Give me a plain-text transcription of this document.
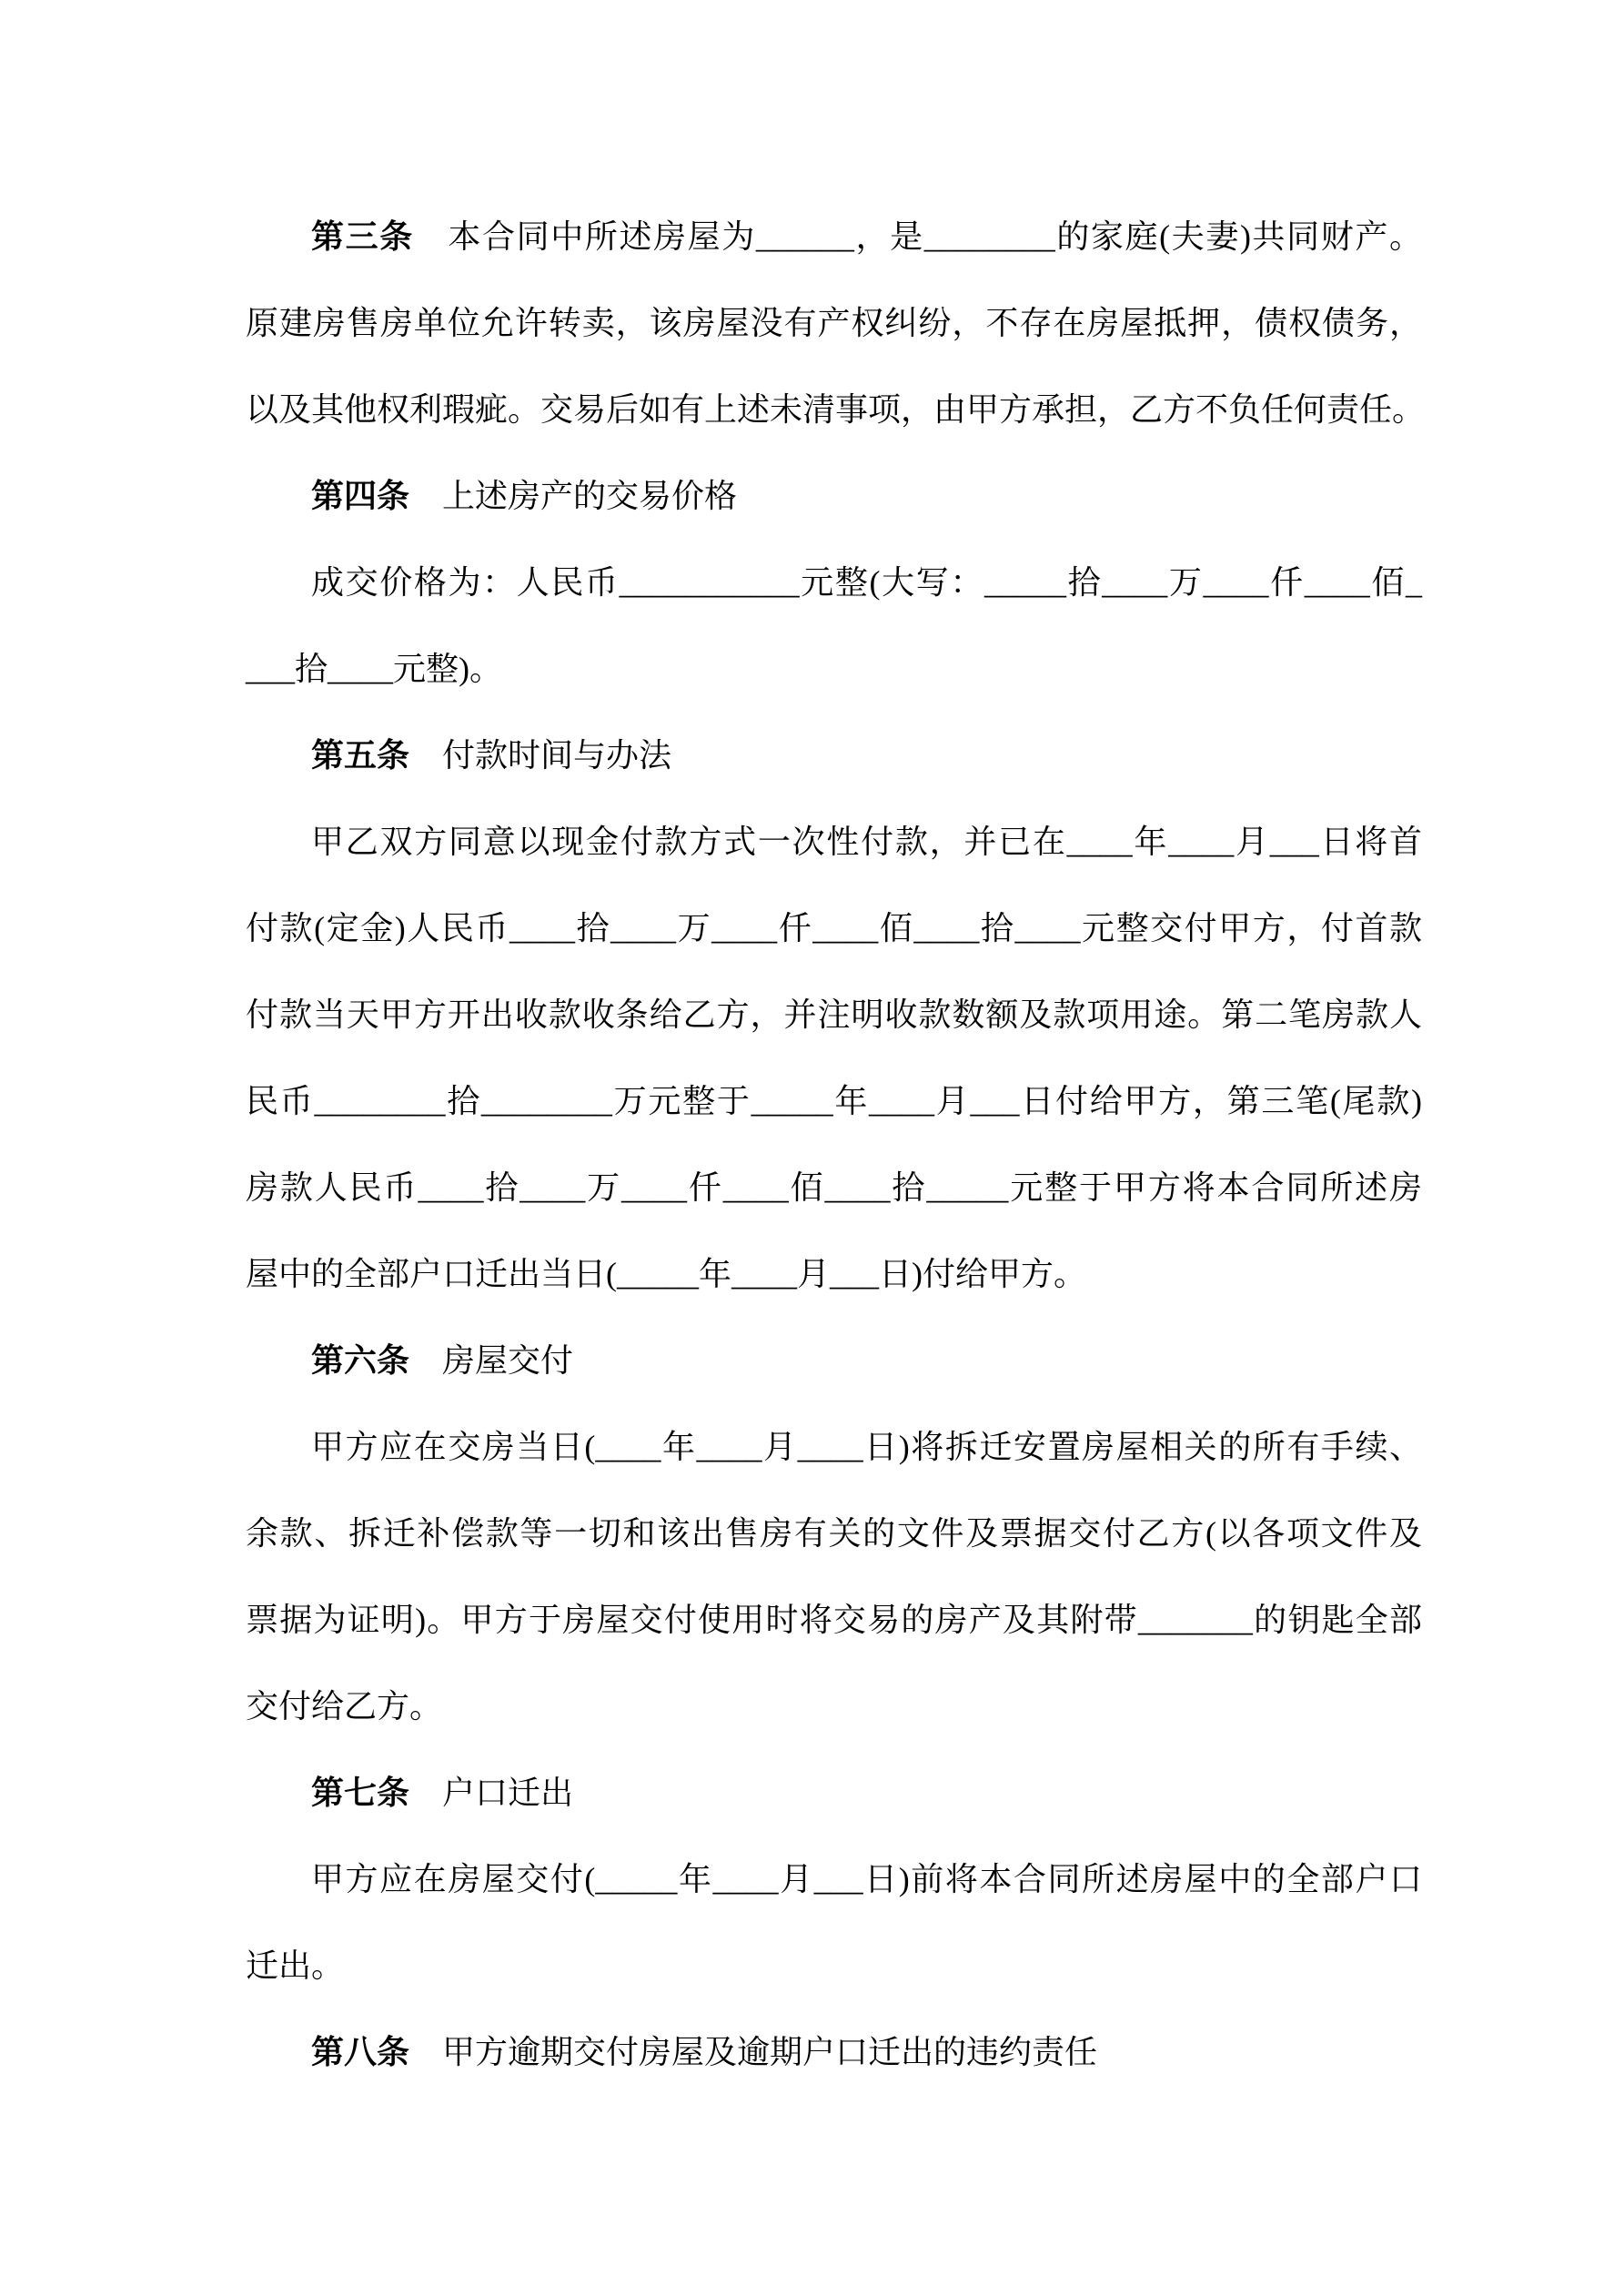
第三条　本合同中所述房屋为______，是________的家庭(夫妻)共同财产。
原建房售房单位允许转卖，该房屋没有产权纠纷，不存在房屋抵押，债权债务，
以及其他权利瑕疵。交易后如有上述未清事项，由甲方承担，乙方不负任何责任。
第四条　上述房产的交易价格
成交价格为：人民币___________元整(大写：_____拾____万____仟____佰_
___拾____元整)。
第五条　付款时间与办法
甲乙双方同意以现金付款方式一次性付款，并已在____年____月___日将首
付款(定金)人民币____拾____万____仟____佰____拾____元整交付甲方，付首款
付款当天甲方开出收款收条给乙方，并注明收款数额及款项用途。第二笔房款人
民币________拾________万元整于_____年____月___日付给甲方，第三笔(尾款)
房款人民币____拾____万____仟____佰____拾_____元整于甲方将本合同所述房
屋中的全部户口迁出当日(_____年____月___日)付给甲方。
第六条　房屋交付
甲方应在交房当日(____年____月____日)将拆迁安置房屋相关的所有手续、
余款、拆迁补偿款等一切和该出售房有关的文件及票据交付乙方(以各项文件及
票据为证明)。甲方于房屋交付使用时将交易的房产及其附带_______的钥匙全部
交付给乙方。
第七条　户口迁出
甲方应在房屋交付(_____年____月___日)前将本合同所述房屋中的全部户口
迁出。
第八条　甲方逾期交付房屋及逾期户口迁出的违约责任
